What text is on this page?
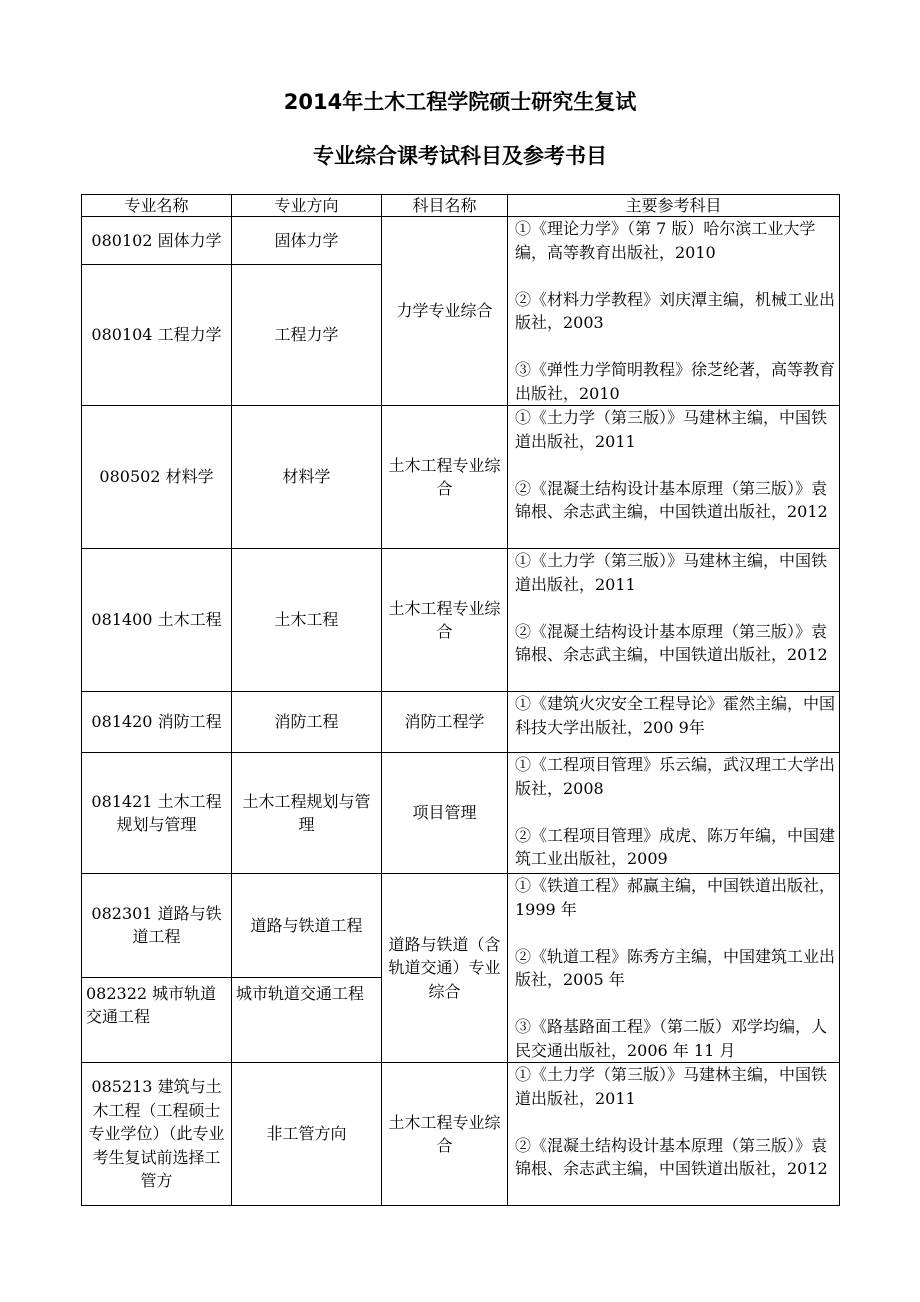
2014年土木工程学院硕士研究生复试
专业综合课考试科目及参考书目
专业名称	专业方向	科目名称	主要参考科目
080102 固体力学	固体力学	力学专业综合	①《理论力学》（第 7 版）哈尔滨工业大学编，高等教育出版社，2010
②《材料力学教程》刘庆潭主编，机械工业出版社，2003
③《弹性力学简明教程》徐芝纶著，高等教育出版社，2010

080104 工程力学	工程力学		
080502 材料学	材料学	土木工程专业综合	①《土力学（第三版）》马建林主编，中国铁道出版社，2011
②《混凝土结构设计基本原理（第三版）》袁锦根、余志武主编，中国铁道出版社，2012

081400 土木工程	土木工程	土木工程专业综合	①《土力学（第三版）》马建林主编，中国铁道出版社，2011
②《混凝土结构设计基本原理（第三版）》袁锦根、余志武主编，中国铁道出版社，2012

081420 消防工程	消防工程	消防工程学	①《建筑火灾安全工程导论》霍然主编，中国科技大学出版社，200 9年

081421 土木工程规划与管理	土木工程规划与管理	项目管理	①《工程项目管理》乐云编，武汉理工大学出版社，2008
②《工程项目管理》成虎、陈万年编，中国建筑工业出版社，2009

082301 道路与铁道工程	道路与铁道工程	道路与铁道（含轨道交通）专业综合	①《铁道工程》郝赢主编，中国铁道出版社，1999 年
②《轨道工程》陈秀方主编，中国建筑工业出版社，2005 年
③《路基路面工程》（第二版）邓学均编，人民交通出版社，2006 年 11 月

082322 城市轨道交通工程	城市轨道交通工程		
085213 建筑与土木工程（工程硕士专业学位）（此专业考生复试前选择工管方	非工管方向	土木工程专业综合	①《土力学（第三版）》马建林主编，中国铁道出版社，2011
②《混凝土结构设计基本原理（第三版）》袁锦根、余志武主编，中国铁道出版社，2012
